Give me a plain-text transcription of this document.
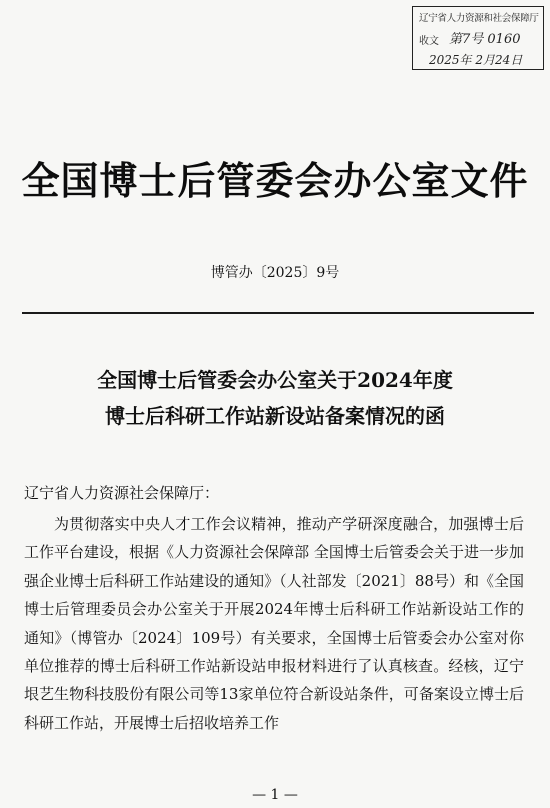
辽宁省人力资源和社会保障厅
收文 第7号 0160
2025年 2月24日
全国博士后管委会办公室文件
博管办〔2025〕9号
全国博士后管委会办公室关于2024年度
博士后科研工作站新设站备案情况的函
辽宁省人力资源社会保障厅：
为贯彻落实中央人才工作会议精神，推动产学研深度融合，加强博士后工作平台建设，根据《人力资源社会保障部 全国博士后管委会关于进一步加强企业博士后科研工作站建设的通知》（人社部发〔2021〕88号）和《全国博士后管理委员会办公室关于开展2024年博士后科研工作站新设站工作的通知》（博管办〔2024〕109号）有关要求，全国博士后管委会办公室对你单位推荐的博士后科研工作站新设站申报材料进行了认真核查。经核，辽宁垠艺生物科技股份有限公司等13家单位符合新设站条件，可备案设立博士后科研工作站，开展博士后招收培养工作
— 1 —
